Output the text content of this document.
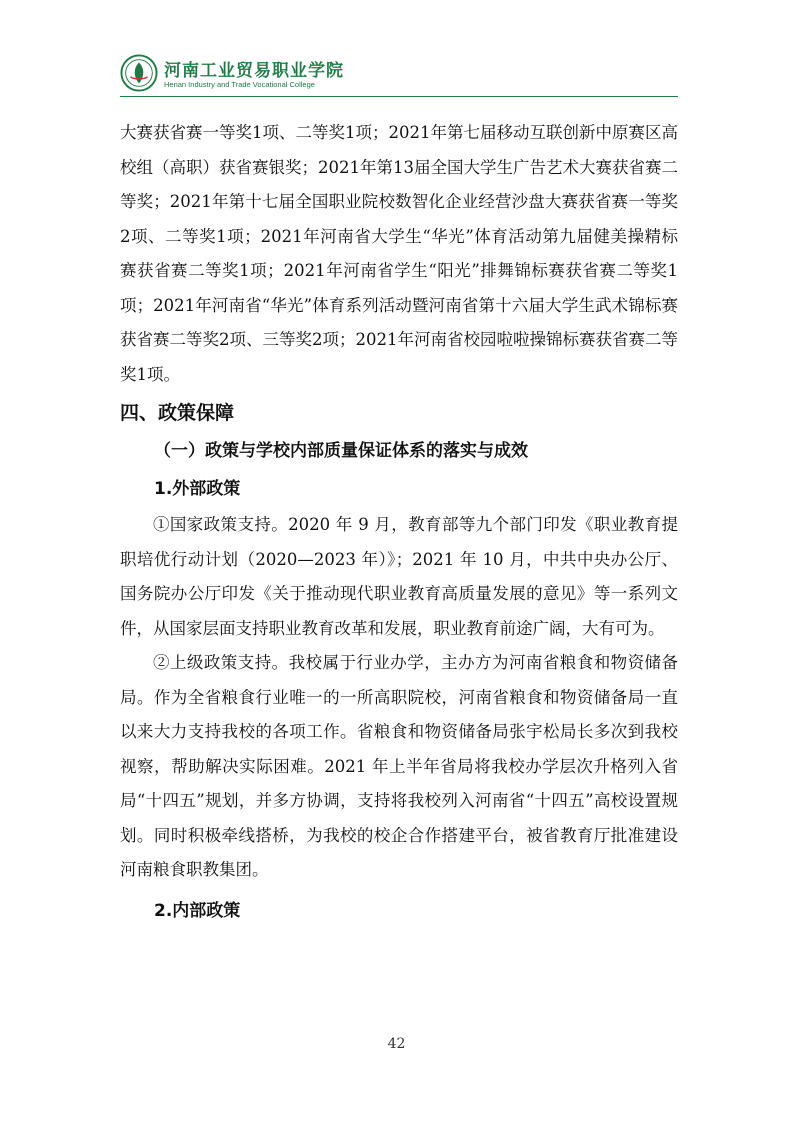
河南工业贸易职业学院
Henan Industry and Trade Vocational College

大赛获省赛一等奖1项、二等奖1项；2021年第七届移动互联创新中原赛区高校组（高职）获省赛银奖；2021年第13届全国大学生广告艺术大赛获省赛二等奖；2021年第十七届全国职业院校数智化企业经营沙盘大赛获省赛一等奖2项、二等奖1项；2021年河南省大学生“华光”体育活动第九届健美操精标赛获省赛二等奖1项；2021年河南省学生“阳光”排舞锦标赛获省赛二等奖1项；2021年河南省“华光”体育系列活动暨河南省第十六届大学生武术锦标赛获省赛二等奖2项、三等奖2项；2021年河南省校园啦啦操锦标赛获省赛二等奖1项。

四、政策保障
（一）政策与学校内部质量保证体系的落实与成效
1.外部政策

①国家政策支持。2020 年 9 月，教育部等九个部门印发《职业教育提职培优行动计划（2020—2023 年）》；2021 年 10 月，中共中央办公厅、国务院办公厅印发《关于推动现代职业教育高质量发展的意见》等一系列文件，从国家层面支持职业教育改革和发展，职业教育前途广阔，大有可为。

②上级政策支持。我校属于行业办学，主办方为河南省粮食和物资储备局。作为全省粮食行业唯一的一所高职院校，河南省粮食和物资储备局一直以来大力支持我校的各项工作。省粮食和物资储备局张宇松局长多次到我校视察，帮助解决实际困难。2021 年上半年省局将我校办学层次升格列入省局“十四五”规划，并多方协调，支持将我校列入河南省“十四五”高校设置规划。同时积极牵线搭桥，为我校的校企合作搭建平台，被省教育厅批准建设河南粮食职教集团。

2.内部政策
42
